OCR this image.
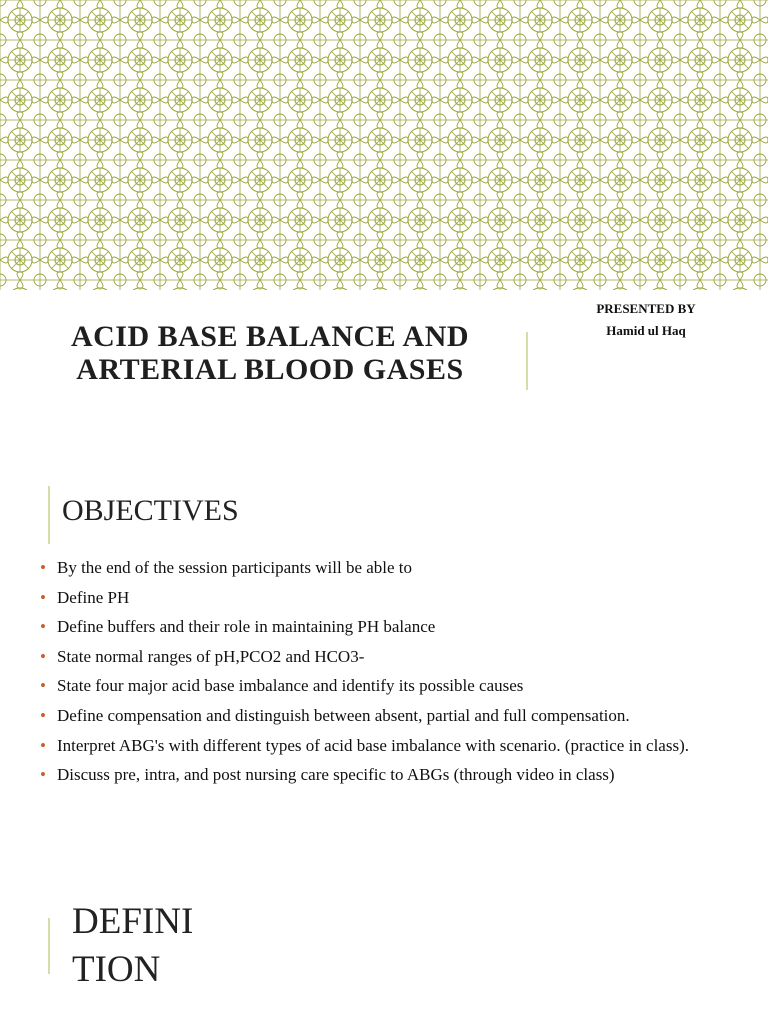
PRESENTED BY
Hamid ul Haq
ACID BASE BALANCE AND
ARTERIAL BLOOD GASES
OBJECTIVES
• By the end of the session participants will be able to
• Define PH
• Define buffers and their role in maintaining PH balance
• State normal ranges of pH,PCO2 and HCO3-
• State four major acid base imbalance and identify its possible causes
• Define compensation and distinguish between absent, partial and full compensation.
• Interpret ABG's with different types of acid base imbalance with scenario. (practice in class).
• Discuss pre, intra, and post nursing care specific to ABGs (through video in class)
DEFINI
TION
